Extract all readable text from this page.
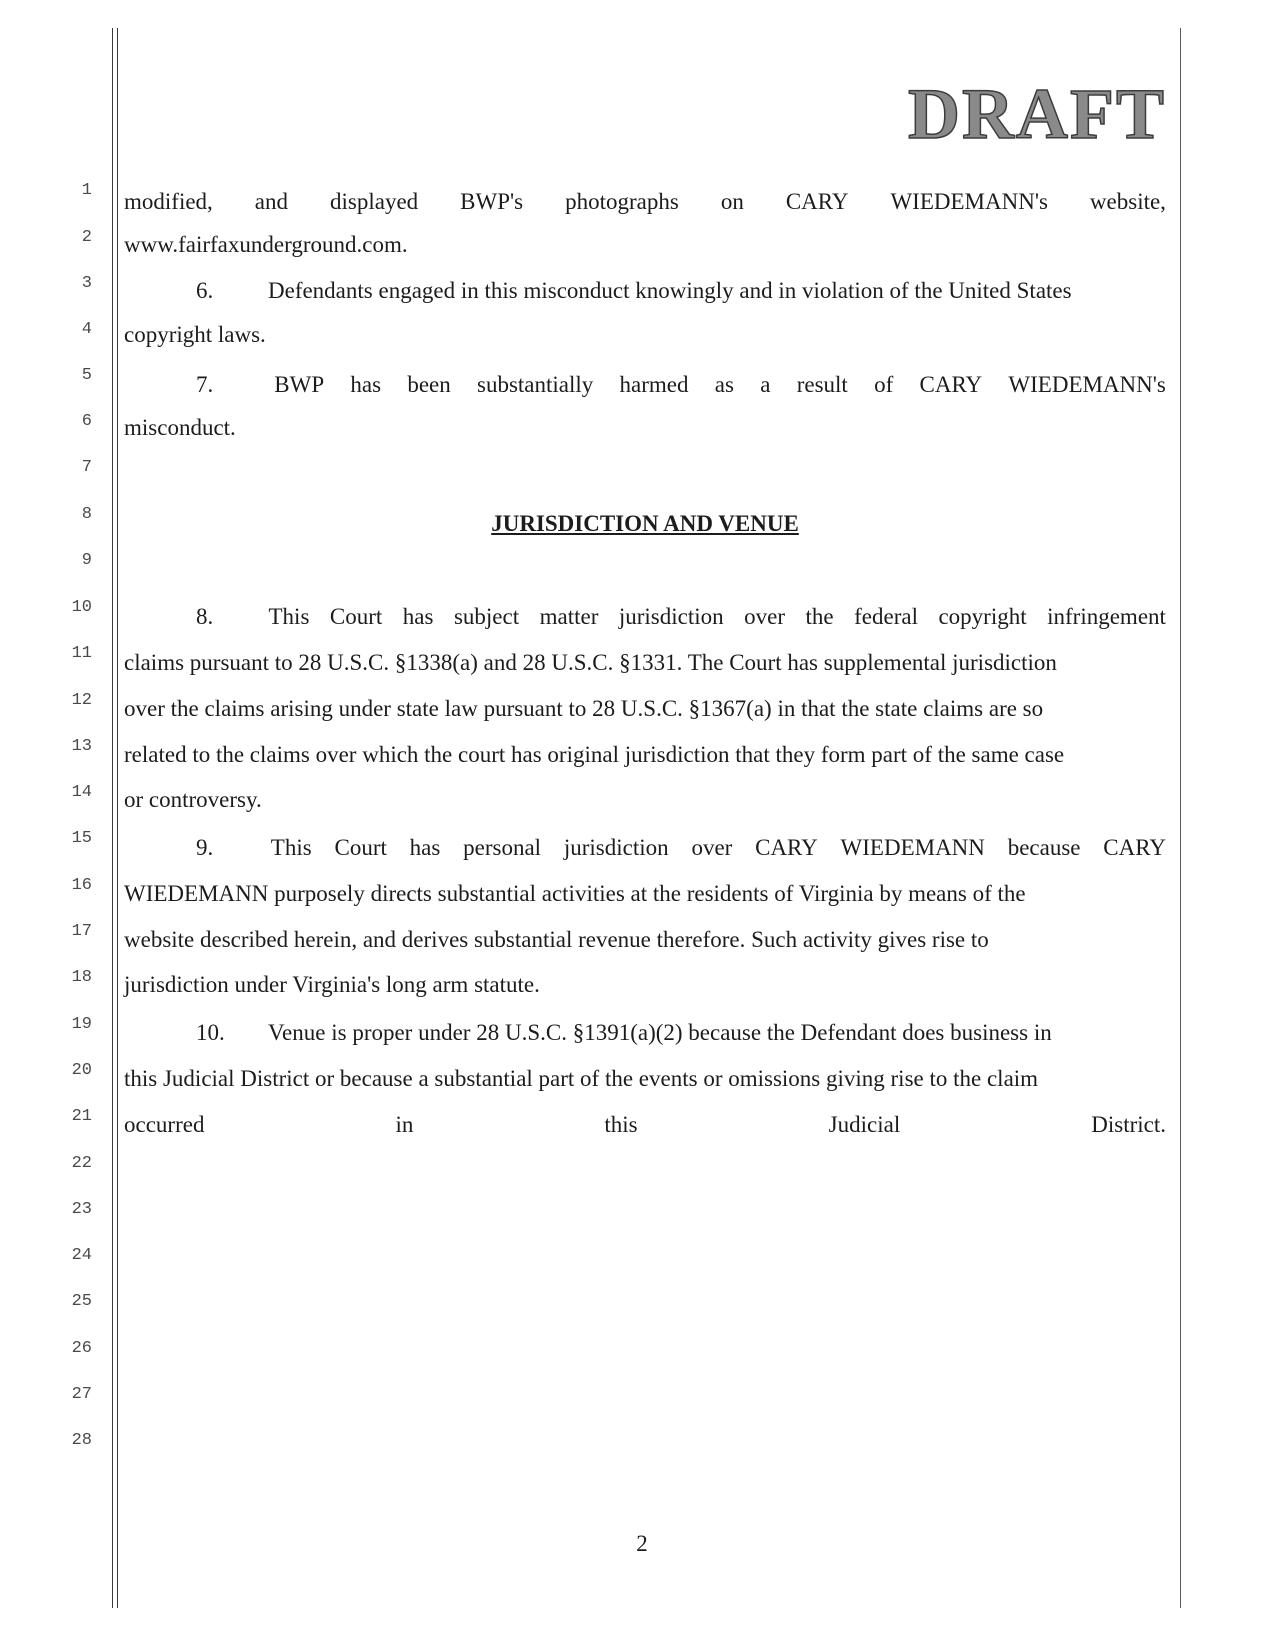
DRAFT
1
2
3
4
5
6
7
8
9
10
11
12
13
14
15
16
17
18
19
20
21
22
23
24
25
26
27
28
modified, and displayed BWP's photographs on CARY WIEDEMANN's website,
www.fairfaxunderground.com.
6. Defendants engaged in this misconduct knowingly and in violation of the United States
copyright laws.
7.	BWP has been substantially harmed as a result of CARY WIEDEMANN's
misconduct.
JURISDICTION AND VENUE
8.	This Court has subject matter jurisdiction over the federal copyright infringement
claims pursuant to 28 U.S.C. §1338(a) and 28 U.S.C. §1331. The Court has supplemental jurisdiction
over the claims arising under state law pursuant to 28 U.S.C. §1367(a) in that the state claims are so
related to the claims over which the court has original jurisdiction that they form part of the same case
or controversy.
9.	This Court has personal jurisdiction over CARY WIEDEMANN because CARY
WIEDEMANN purposely directs substantial activities at the residents of Virginia by means of the
website described herein, and derives substantial revenue therefore. Such activity gives rise to
jurisdiction under Virginia's long arm statute.
10. Venue is proper under 28 U.S.C. §1391(a)(2) because the Defendant does business in
this Judicial District or because a substantial part of the events or omissions giving rise to the claim
occurred	in	this	Judicial	District.
2
